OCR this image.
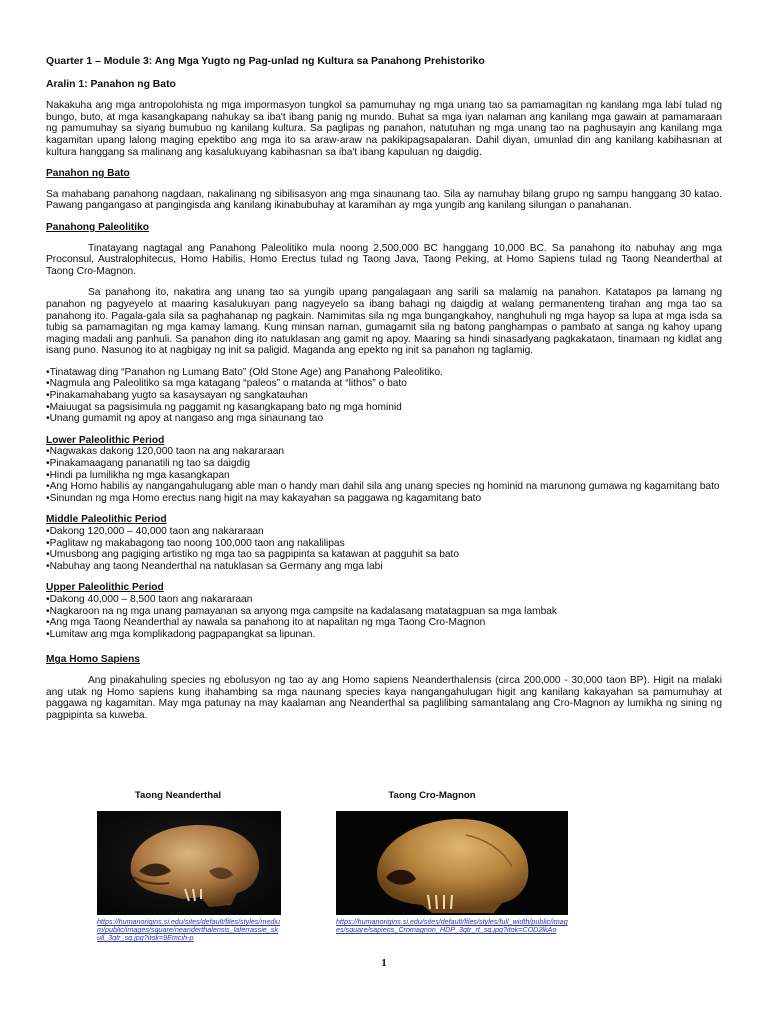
Quarter 1 – Module 3: Ang Mga Yugto ng Pag-unlad ng Kultura sa Panahong Prehistoriko
Aralin 1: Panahon ng Bato

Nakakuha ang mga antropolohista ng mga impormasyon tungkol sa pamumuhay ng mga unang tao sa pamamagitan ng kanilang mga labí tulad ng bungo, buto, at mga kasangkapang nahukay sa iba't ibang panig ng mundo. Buhat sa mga iyan nalaman ang kanilang mga gawain at pamamaraan ng pamumuhay sa siyang bumubuo ng kanilang kultura. Sa paglipas ng panahon, natutuhan ng mga unang tao na paghusayin ang kanilang mga kagamitan upang lalong maging epektibo ang mga ito sa araw-araw na pakikipagsapalaran. Dahil diyan, umunlad din ang kanilang kabihasnan at kultura hanggang sa malinang ang kasalukuyang kabihasnan sa iba't ibang kapuluan ng daigdig.

Panahon ng Bato

Sa mahabang panahong nagdaan, nakalinang ng sibilisasyon ang mga sinaunang tao. Sila ay namuhay bilang grupo ng sampu hanggang 30 katao. Pawang pangangaso at pangingisda ang kanilang ikinabubuhay at karamihan ay mga yungib ang kanilang silungan o panahanan.

Panahong Paleolitiko

Tinatayang nagtagal ang Panahong Paleolitiko mula noong 2,500,000 BC hanggang 10,000 BC. Sa panahong ito nabuhay ang mga Proconsul, Australophitecus, Homo Habilis, Homo Erectus tulad ng Taong Java, Taong Peking, at Homo Sapiens tulad ng Taong Neanderthal at Taong Cro-Magnon.

Sa panahong ito, nakatira ang unang tao sa yungib upang pangalagaan ang sarili sa malamig na panahon. Katatapos pa lamang ng panahon ng pagyeyelo at maaring kasalukuyan pang nagyeyelo sa ibang bahagi ng daigdig at walang permanenteng tirahan ang mga tao sa panahong ito. Pagala-gala sila sa paghahanap ng pagkain. Namimitas sila ng mga bungangkahoy, nanghuhuli ng mga hayop sa lupa at mga isda sa tubig sa pamamagitan ng mga kamay lamang. Kung minsan naman, gumagamit sila ng batong panghampas o pambato at sanga ng kahoy upang maging madali ang panhuli. Sa panahon ding ito natuklasan ang gamit ng apoy. Maaring sa hindi sinasadyang pagkakataon, tinamaan ng kidlat ang isang puno. Nasunog ito at nagbigay ng init sa paligid. Maganda ang epekto ng init sa panahon ng taglamig.

• Tinatawag ding “Panahon ng Lumang Bato” (Old Stone Age) ang Panahong Paleolitiko.
• Nagmula ang Paleolitiko sa mga katagang “paleos” o matanda at “lithos” o bato
• Pinakamahabang yugto sa kasaysayan ng sangkatauhan
• Maiuugat sa pagsisimula ng paggamit ng kasangkapang bato ng mga hominid
• Unang gumamit ng apoy at nangaso ang mga sinaunang tao
Lower Paleolithic Period
• Nagwakas dakong 120,000 taon na ang nakararaan
• Pinakamaagang pananatili ng tao sa daigdig
• Hindi pa lumilikha ng mga kasangkapan
• Ang Homo habilis ay nangangahulugang able man o handy man dahil sila ang unang species ng hominid na marunong gumawa ng kagamitang bato
• Sinundan ng mga Homo erectus nang higit na may kakayahan sa paggawa ng kagamitang bato
Middle Paleolithic Period
• Dakong 120,000 – 40,000 taon ang nakararaan
• Paglitaw ng makabagong tao noong 100,000 taon ang nakalilipas
• Umusbong ang pagiging artistiko ng mga tao sa pagpipinta sa katawan at pagguhit sa bato
• Nabuhay ang taong Neanderthal na natuklasan sa Germany ang mga labi
Upper Paleolithic Period
• Dakong 40,000 – 8,500 taon ang nakararaan
• Nagkaroon na ng mga unang pamayanan sa anyong mga campsite na kadalasang matatagpuan sa mga lambak
• Ang mga Taong Neanderthal ay nawala sa panahong ito at napalitan ng mga Taong Cro-Magnon
• Lumitaw ang mga komplikadong pagpapangkat sa lipunan.
Mga Homo Sapiens

Ang pinakahuling species ng ebolusyon ng tao ay ang Homo sapiens Neanderthalensis (circa 200,000 - 30,000 taon BP). Higit na malaki ang utak ng Homo sapiens kung ihahambing sa mga naunang species kaya nangangahulugan higit ang kanilang kakayahan sa pamumuhay at paggawa ng kagamitan. May mga patunay na may kaalaman ang Neanderthal sa paglilibing samantalang ang Cro-Magnon ay lumikha ng sining ng pagpipinta sa kuweba.

Taong Neanderthal
https://humanorigins.si.edu/sites/default/files/styles/medium/public/images/square/neanderthalensis_laferrassie_skull_3qtr_sq.jpg?itok=9Emcih-p
Taong Cro-Magnon
https://humanorigins.si.edu/sites/default/files/styles/full_width/public/images/square/sapiens_Cromagnon_HDP_3qtr_rt_sq.jpg?itok=COD2lkAo
1
